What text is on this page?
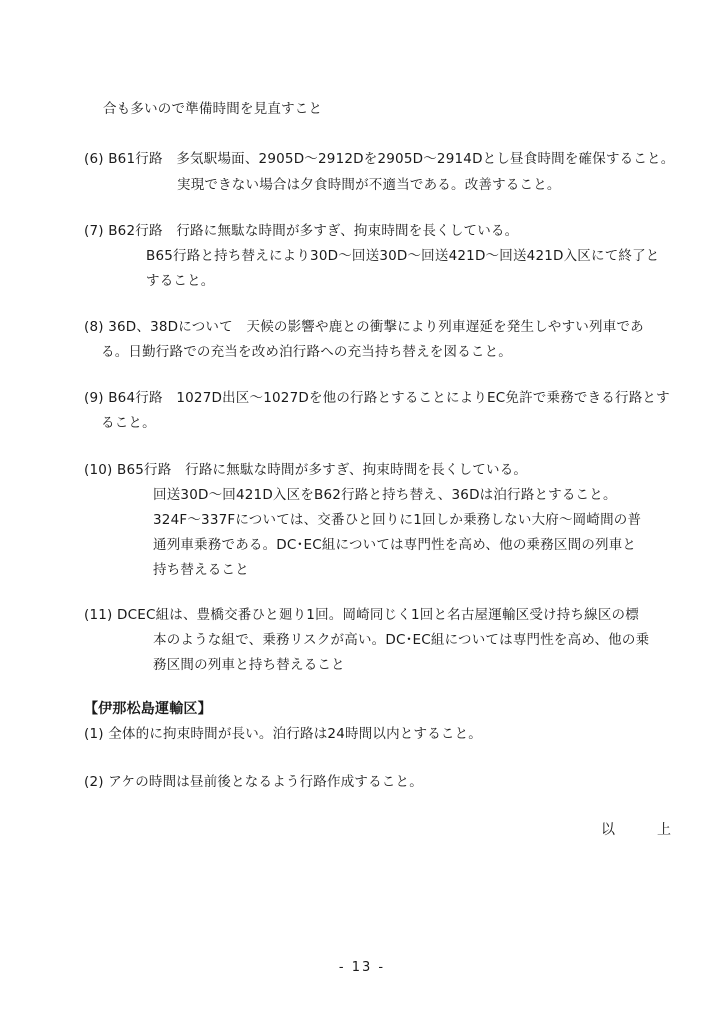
合も多いので準備時間を見直すこと
(6) B61行路　多気駅場面、2905D～2912Dを2905D～2914Dとし昼食時間を確保すること。
実現できない場合は夕食時間が不適当である。改善すること。
(7) B62行路　行路に無駄な時間が多すぎ、拘束時間を長くしている。
B65行路と持ち替えにより30D～回送30D～回送421D～回送421D入区にて終了と
すること。
(8) 36D、38Dについて　天候の影響や鹿との衝撃により列車遅延を発生しやすい列車であ
る。日勤行路での充当を改め泊行路への充当持ち替えを図ること。
(9) B64行路　1027D出区～1027Dを他の行路とすることによりEC免許で乗務できる行路とす
ること。
(10) B65行路　行路に無駄な時間が多すぎ、拘束時間を長くしている。
回送30D～回421D入区をB62行路と持ち替え、36Dは泊行路とすること。
324F～337Fについては、交番ひと回りに1回しか乗務しない大府～岡崎間の普
通列車乗務である。DC･EC組については専門性を高め、他の乗務区間の列車と
持ち替えること
(11) DCEC組は、豊橋交番ひと廻り1回。岡崎同じく1回と名古屋運輸区受け持ち線区の標
本のような組で、乗務リスクが高い。DC･EC組については専門性を高め、他の乗
務区間の列車と持ち替えること
【伊那松島運輸区】
(1) 全体的に拘束時間が長い。泊行路は24時間以内とすること。
(2) アケの時間は昼前後となるよう行路作成すること。
以　上
- 13 -
